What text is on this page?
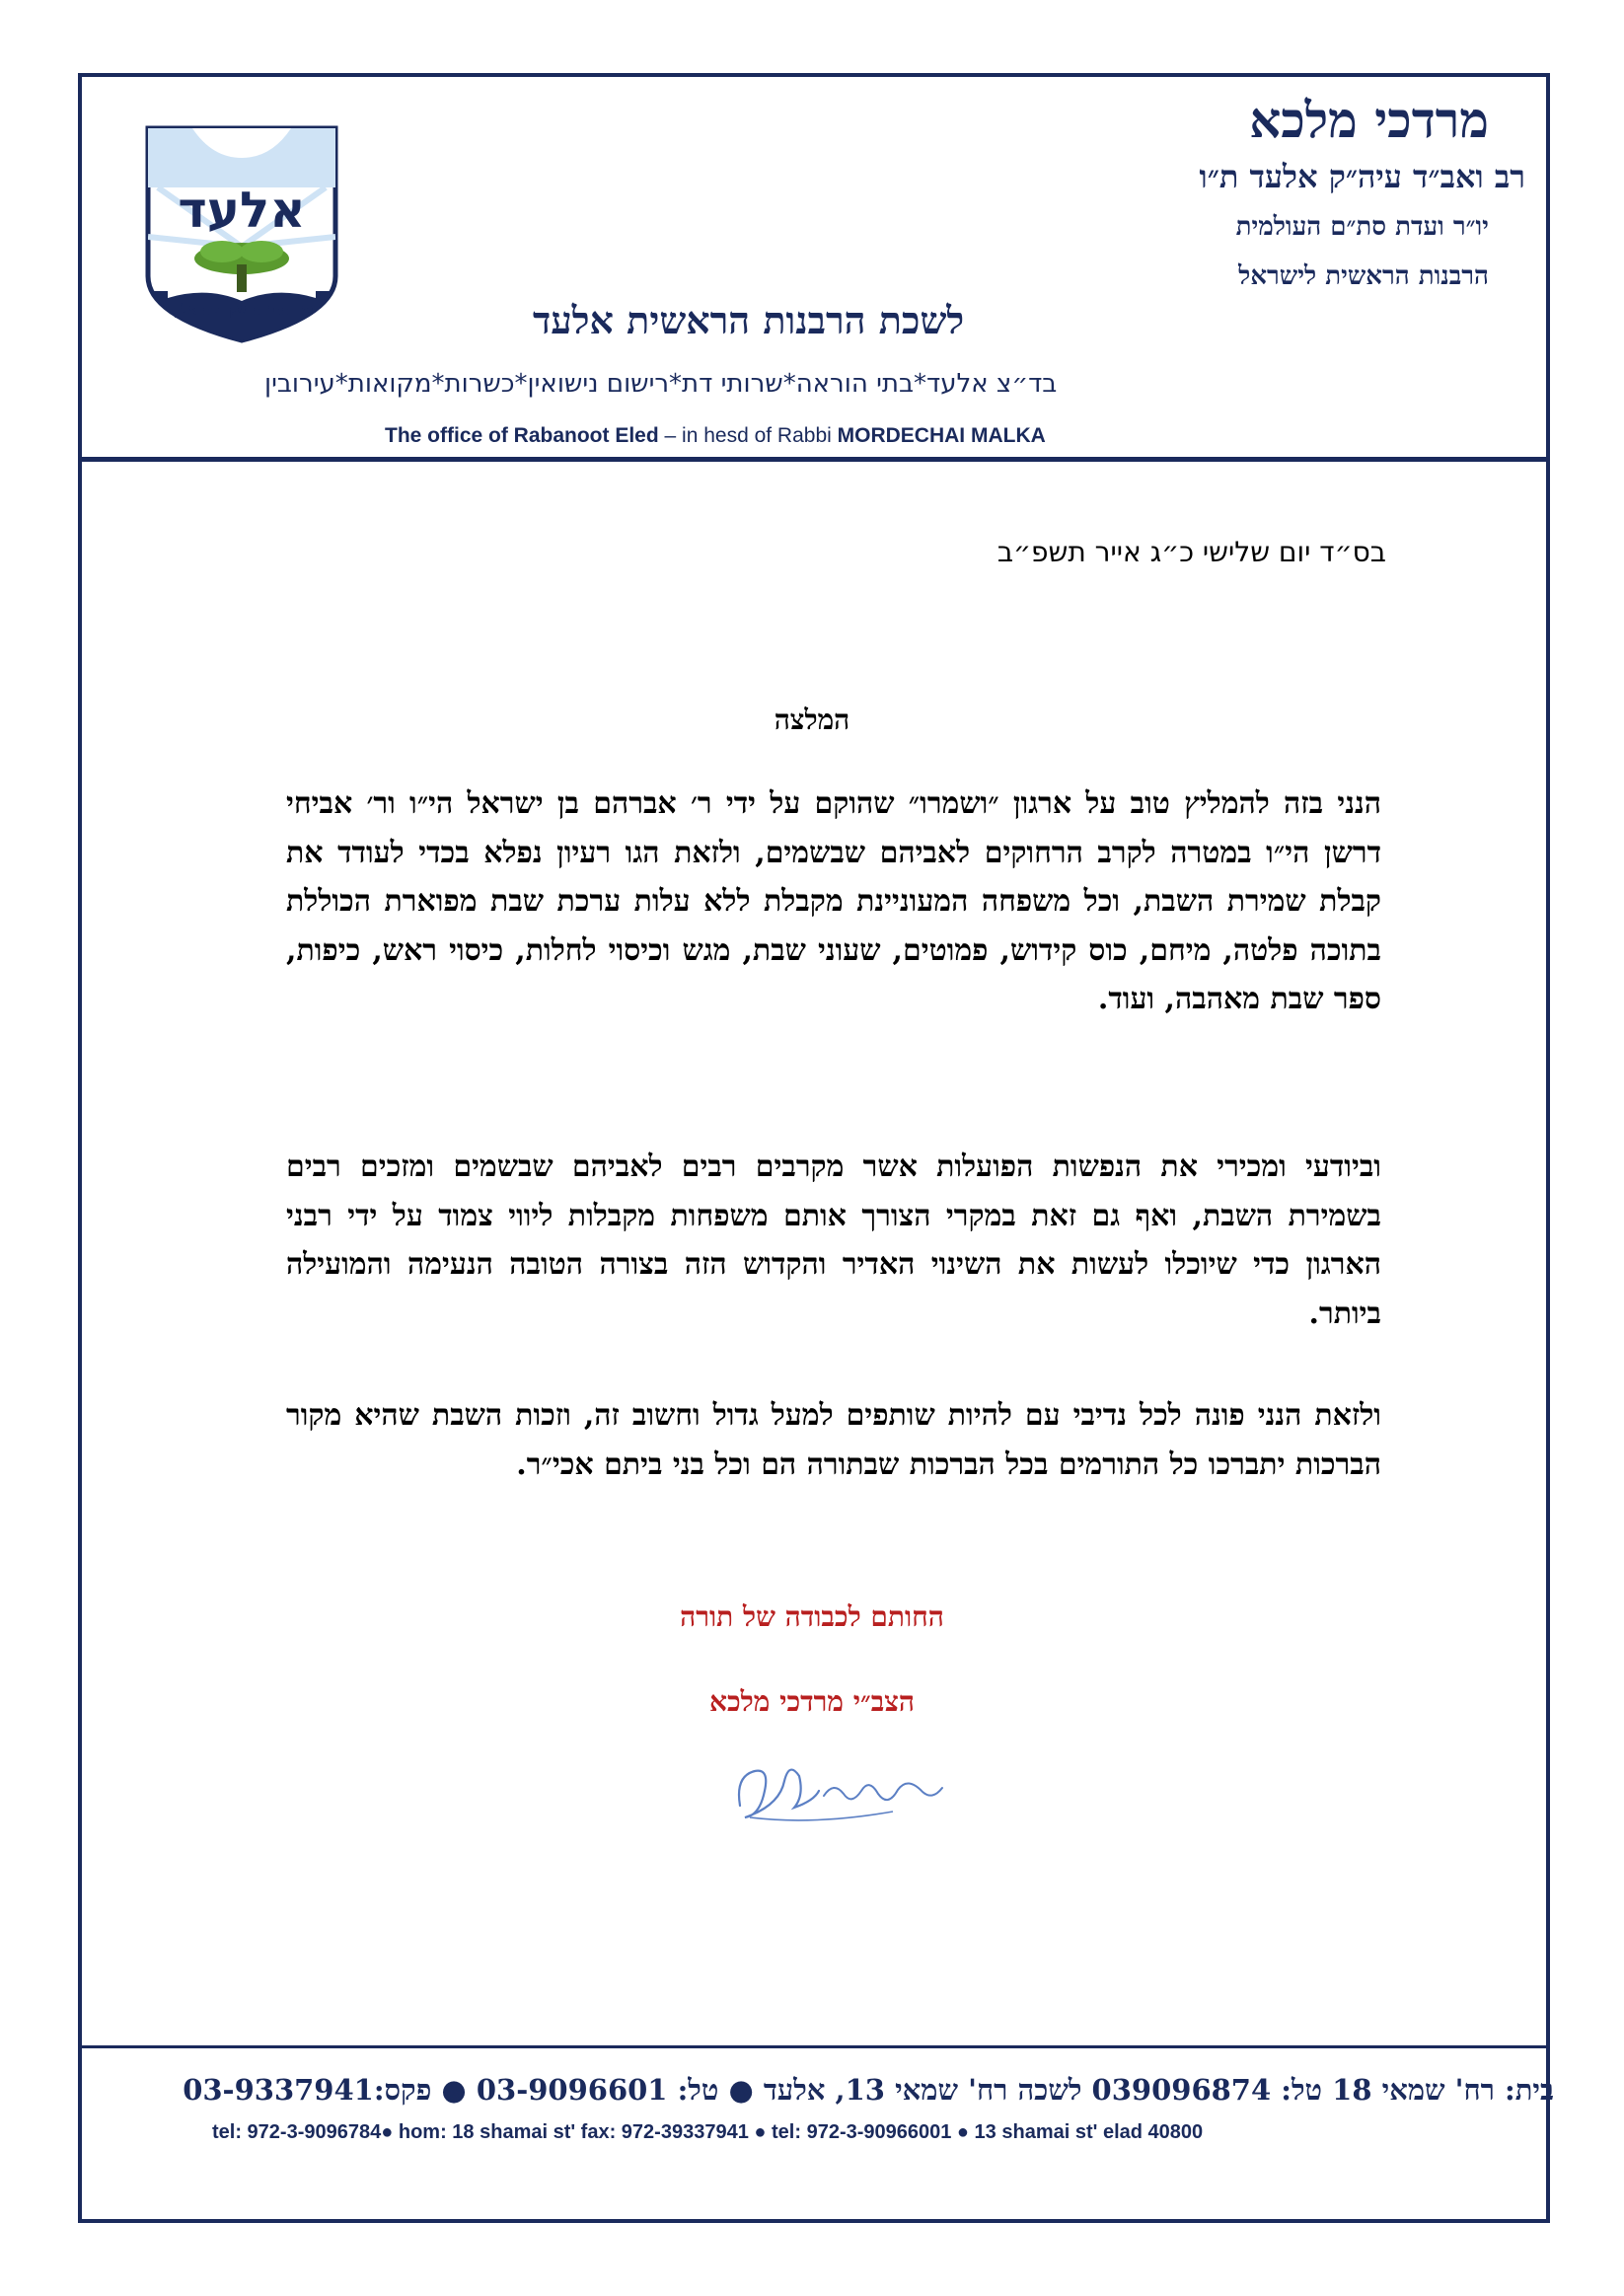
אלעד
עיר התורה שקרובה אליך
מרדכי מלכא
רב ואב״ד עיה״ק אלעד ת״ו
יו״ר ועדת סת״ם העולמית
הרבנות הראשית לישראל
לשכת הרבנות הראשית אלעד
בד״צ אלעד*בתי הוראה*שרותי דת*רישום נישואין*כשרות*מקואות*עירובין
The office of Rabanoot Eled – in hesd of Rabbi MORDECHAI MALKA
בס״ד יום שלישי כ״ג אייר תשפ״ב
המלצה
הנני בזה להמליץ טוב על ארגון ״ושמרו״ שהוקם על ידי ר׳ אברהם בן ישראל הי״ו ור׳ אביחי דרשן הי״ו במטרה לקרב הרחוקים לאביהם שבשמים, ולזאת הגו רעיון נפלא בכדי לעודד את קבלת שמירת השבת, וכל משפחה המעוניינת מקבלת ללא עלות ערכת שבת מפוארת הכוללת בתוכה פלטה, מיחם, כוס קידוש, פמוטים, שעוני שבת, מגש וכיסוי לחלות, כיסוי ראש, כיפות, ספר שבת מאהבה, ועוד.
וביודעי ומכירי את הנפשות הפועלות אשר מקרבים רבים לאביהם שבשמים ומזכים רבים בשמירת השבת, ואף גם זאת במקרי הצורך אותם משפחות מקבלות ליווי צמוד על ידי רבני הארגון כדי שיוכלו לעשות את השינוי האדיר והקדוש הזה בצורה הטובה הנעימה והמועילה ביותר.
ולזאת הנני פונה לכל נדיבי עם להיות שותפים למעל גדול וחשוב זה, וזכות השבת שהיא מקור הברכות יתברכו כל התורמים בכל הברכות שבתורה הם וכל בני ביתם אכי״ר.
החותם לכבודה של תורה
הצב״י מרדכי מלכא
בית: רח' שמאי 18 טל: 039096874 לשכה רח' שמאי 13, אלעד ● טל: 03-9096601 ● פקס:03-9337941
tel: 972-3-9096784● hom: 18 shamai st' fax: 972-39337941 ● tel: 972-3-90966001 ● 13 shamai st' elad 40800
